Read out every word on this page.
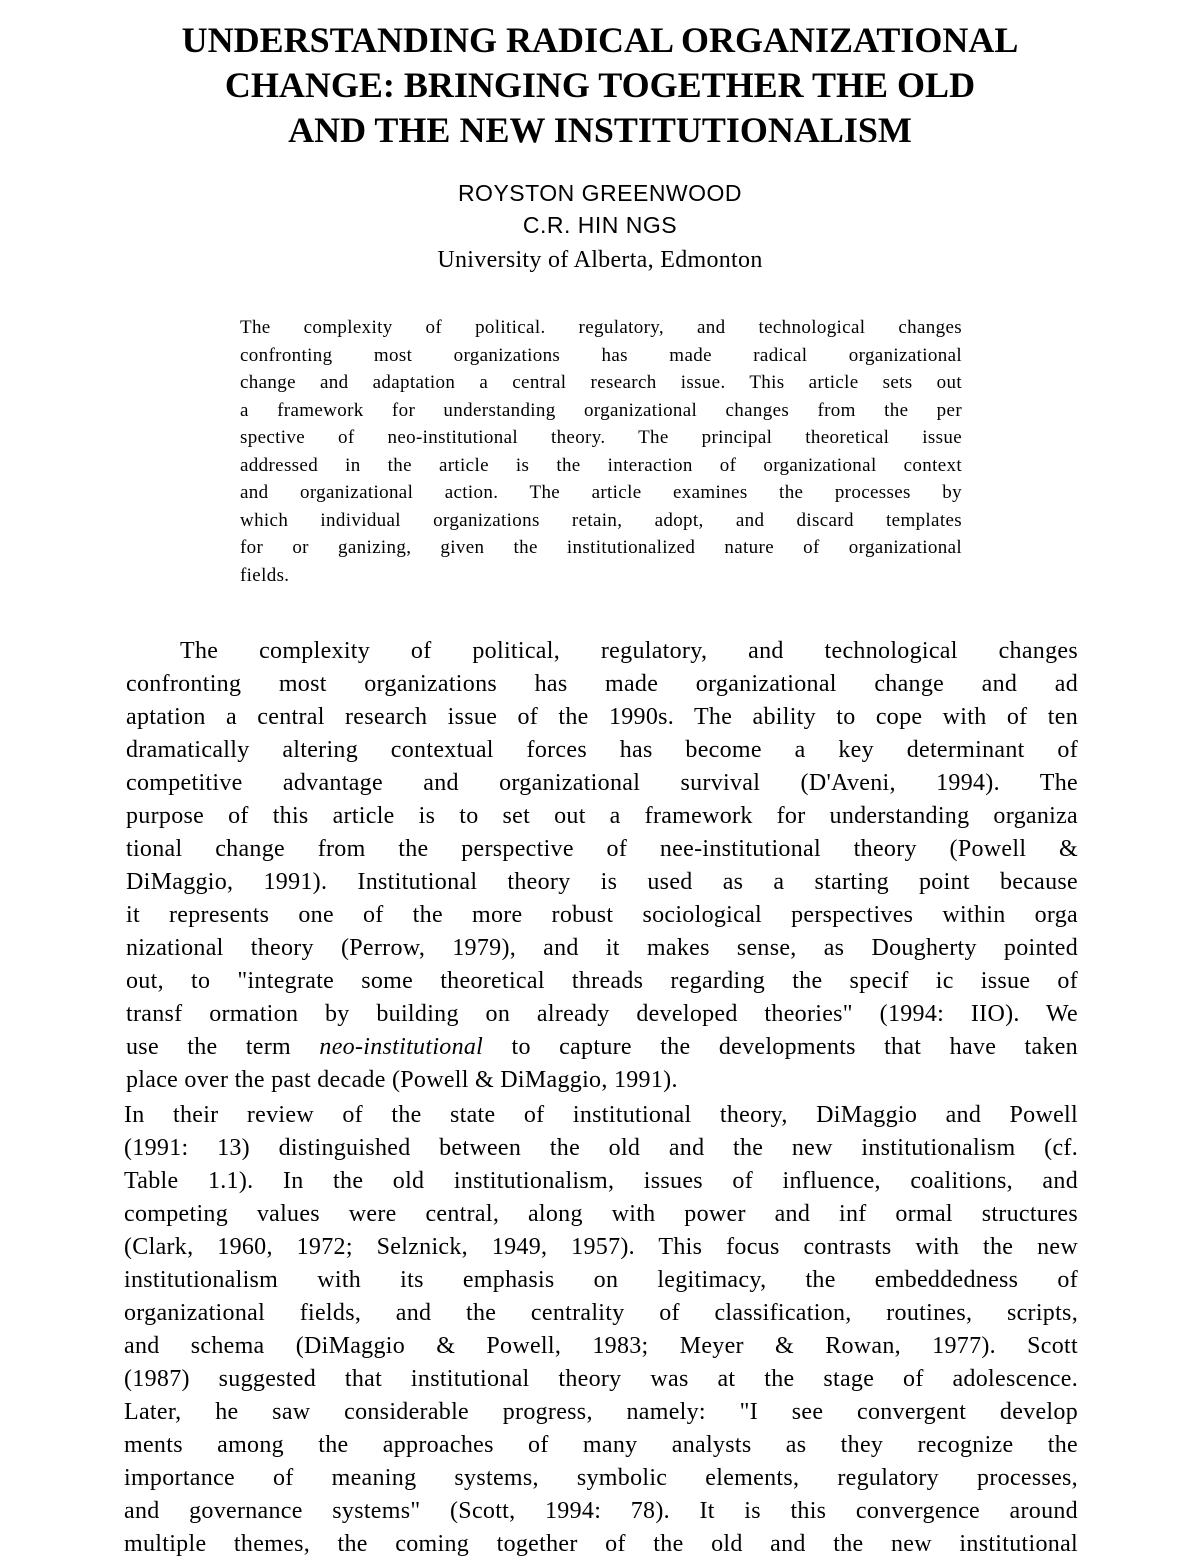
UNDERSTANDING RADICAL ORGANIZATIONAL
CHANGE: BRINGING TOGETHER THE OLD
AND THE NEW INSTITUTIONALISM
ROYSTON GREENWOOD
C.R. HIN NGS
University of Alberta, Edmonton

The complexity of political. regulatory, and technological changes
confronting most organizations has made radical organizational
change and adaptation a central research issue. This article sets out
a framework for understanding organizational changes from the per
spective of neo-institutional theory. The principal theoretical issue
addressed in the article is the interaction of organizational context
and organizational action. The article examines the processes by
which individual organizations retain, adopt, and discard templates
for or ganizing, given the institutionalized nature of organizational
fields.

The complexity of political, regulatory, and technological changes
confronting most organizations has made organizational change and ad
aptation a central research issue of the 1990s. The ability to cope with of ten
dramatically altering contextual forces has become a key determinant of
competitive advantage and organizational survival (D'Aveni, 1994). The
purpose of this article is to set out a framework for understanding organiza
tional change from the perspective of nee-institutional theory (Powell &
DiMaggio, 1991). Institutional theory is used as a starting point because
it represents one of the more robust sociological perspectives within orga
nizational theory (Perrow, 1979), and it makes sense, as Dougherty pointed
out, to "integrate some theoretical threads regarding the specif ic issue of
transf ormation by building on already developed theories" (1994: IIO). We
use the term neo-institutional to capture the developments that have taken
place over the past decade (Powell & DiMaggio, 1991).

In their review of the state of institutional theory, DiMaggio and Powell
(1991: 13) distinguished between the old and the new institutionalism (cf.
Table 1.1). In the old institutionalism, issues of influence, coalitions, and
competing values were central, along with power and inf ormal structures
(Clark, 1960, 1972; Selznick, 1949, 1957). This focus contrasts with the new
institutionalism with its emphasis on legitimacy, the embeddedness of
organizational fields, and the centrality of classification, routines, scripts,
and schema (DiMaggio & Powell, 1983; Meyer & Rowan, 1977). Scott
(1987) suggested that institutional theory was at the stage of adolescence.
Later, he saw considerable progress, namely: "I see convergent develop
ments among the approaches of many analysts as they recognize the
importance of meaning systems, symbolic elements, regulatory processes,
and governance systems" (Scott, 1994: 78). It is this convergence around
multiple themes, the coming together of the old and the new institutional
